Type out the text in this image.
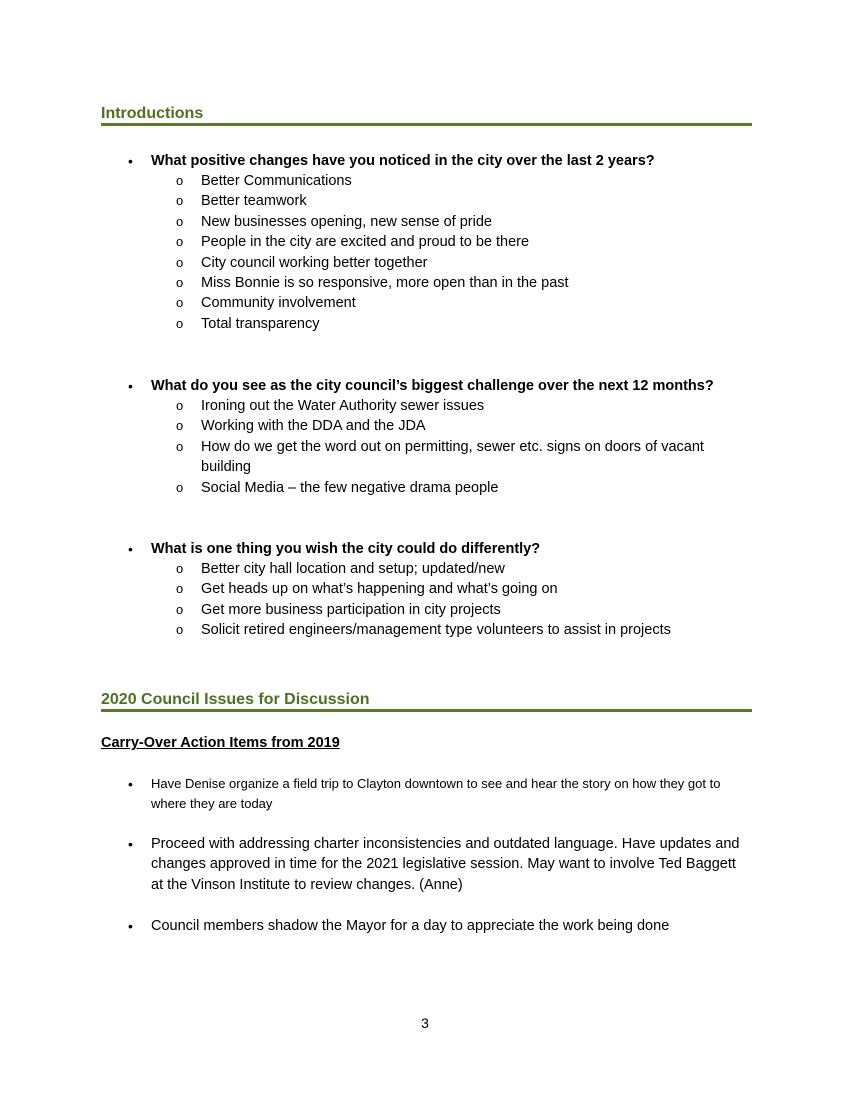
Introductions
•	What positive changes have you noticed in the city over the last 2 years?
o	Better Communications
o	Better teamwork
o	New businesses opening, new sense of pride
o	People in the city are excited and proud to be there
o	City council working better together
o	Miss Bonnie is so responsive, more open than in the past
o	Community involvement
o	Total transparency
•	What do you see as the city council’s biggest challenge over the next 12 months?
o	Ironing out the Water Authority sewer issues
o	Working with the DDA and the JDA
o	How do we get the word out on permitting, sewer etc. signs on doors of vacant building
o	Social Media – the few negative drama people
•	What is one thing you wish the city could do differently?
o	Better city hall location and setup; updated/new
o	Get heads up on what’s happening and what’s going on
o	Get more business participation in city projects
o	Solicit retired engineers/management type volunteers to assist in projects
2020 Council Issues for Discussion
Carry-Over Action Items from 2019
•	Have Denise organize a field trip to Clayton downtown to see and hear the story on how they got to where they are today
•	Proceed with addressing charter inconsistencies and outdated language. Have updates and changes approved in time for the 2021 legislative session. May want to involve Ted Baggett at the Vinson Institute to review changes. (Anne)
•	Council members shadow the Mayor for a day to appreciate the work being done
3
